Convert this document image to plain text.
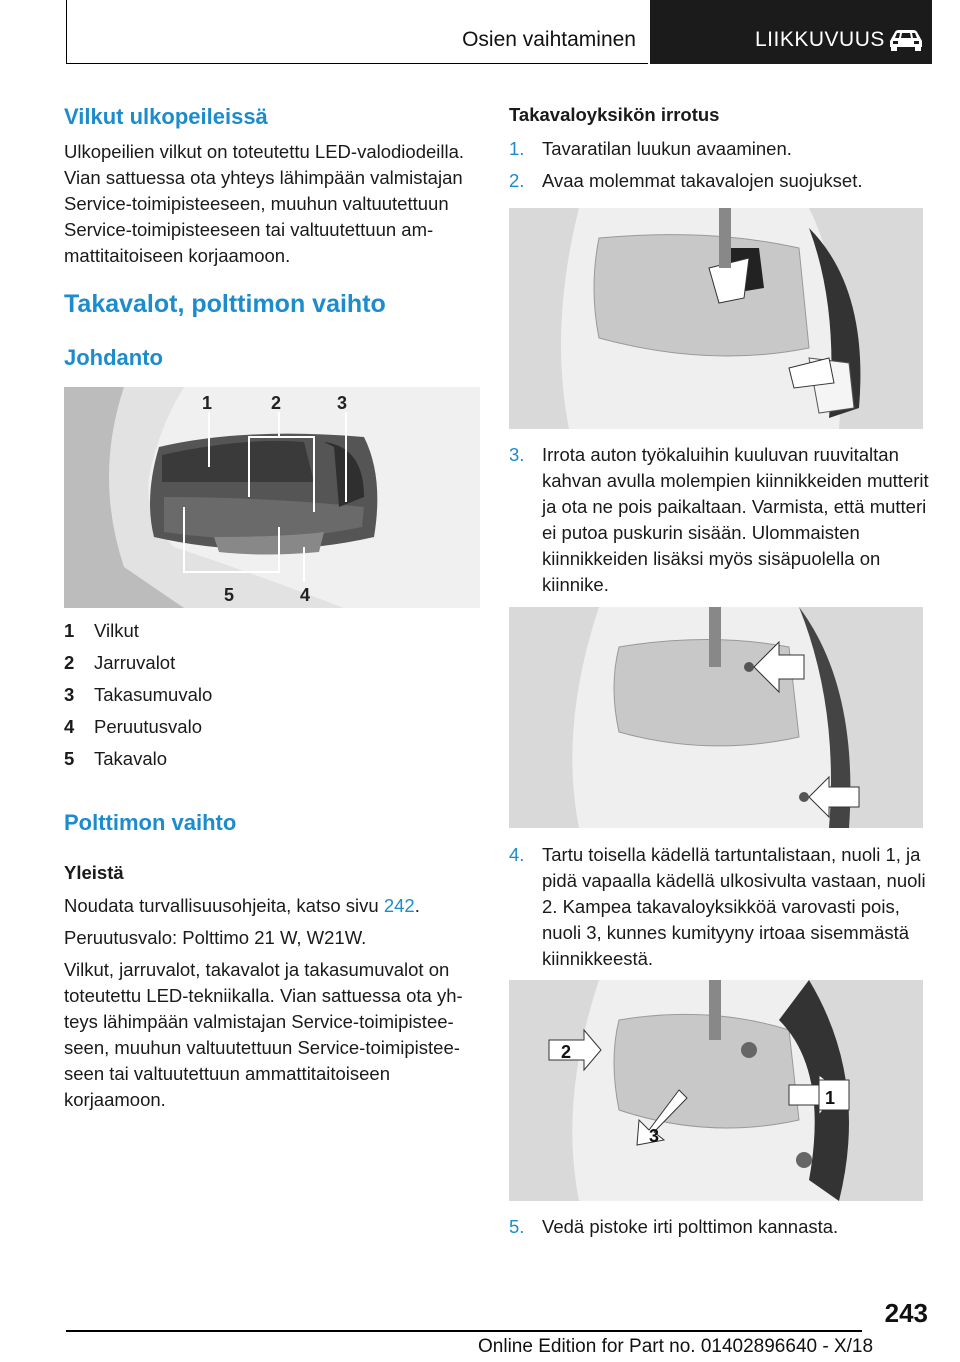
Osien vaihtaminen	LIIKKUVUUS
Vilkut ulkopeileissä

Ulkopeilien vilkut on toteutettu LED-valodiodeilla. Vian sattuessa ota yhteys lähimpään valmistajan Service-toimipisteeseen, muuhun valtuutettuun Service-toimipisteeseen tai valtuutettuun ammattitaitoiseen korjaamoon.

Takavalot, polttimon vaihto
Johdanto
1	2	3
4
5
1 Vilkut
2 Jarruvalot
3 Takasumuvalo
4 Peruutusvalo
5 Takavalo
Polttimon vaihto
Yleistä

Noudata turvallisuusohjeita, katso sivu 242.

Peruutusvalo: Polttimo 21 W, W21W.

Vilkut, jarruvalot, takavalot ja takasumuvalot on toteutettu LED-tekniikalla. Vian sattuessa ota yhteys lähimpään valmistajan Service-toimipisteeseen, muuhun valtuutettuun Service-toimipisteeseen tai valtuutettuun ammattitaitoiseen korjaamoon.

Takavaloyksikön irrotus
1. Tavaratilan luukun avaaminen.
2. Avaa molemmat takavalojen suojukset.
3. Irrota auton työkaluihin kuuluvan ruuvitaltan kahvan avulla molempien kiinnikkeiden mutterit ja ota ne pois paikaltaan. Varmista, että mutteri ei putoa puskurin sisään. Ulommaisten kiinnikkeiden lisäksi myös sisäpuolella on kiinnike.
4. Tartu toisella kädellä tartuntalistaan, nuoli 1, ja pidä vapaalla kädellä ulkosivulta vastaan, nuoli 2. Kampea takavaloyksikköä varovasti pois, nuoli 3, kunnes kumityyny irtoaa sisemmästä kiinnikkeestä.
2
1
3
5. Vedä pistoke irti polttimon kannasta.
243
Online Edition for Part no. 01402896640 - X/18
